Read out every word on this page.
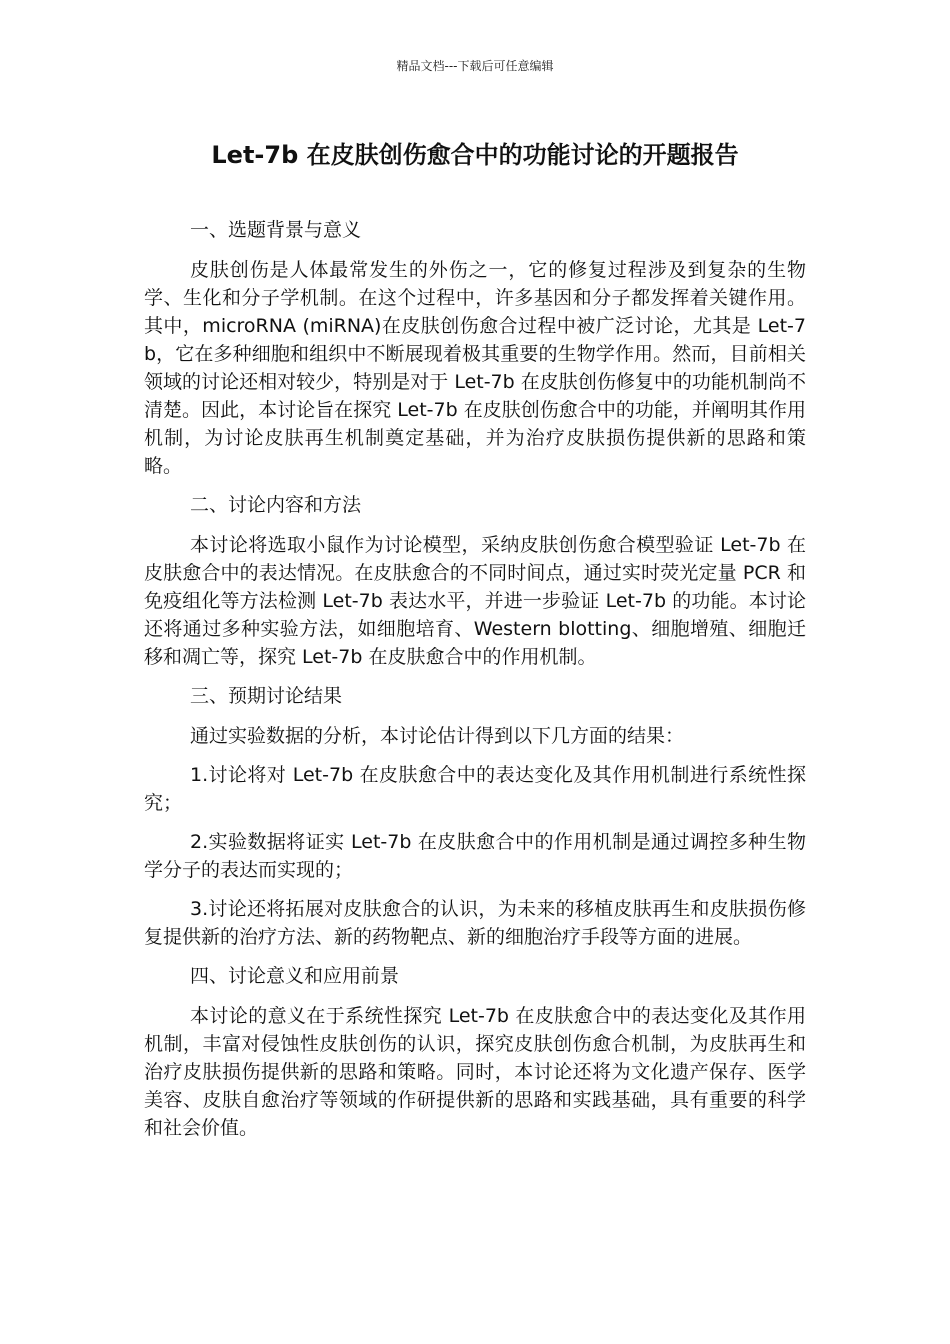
精品文档---下载后可任意编辑
Let-7b 在皮肤创伤愈合中的功能讨论的开题报告
一、选题背景与意义

皮肤创伤是人体最常发生的外伤之一，它的修复过程涉及到复杂的生物学、生化和分子学机制。在这个过程中，许多基因和分子都发挥着关键作用。其中，microRNA (miRNA)在皮肤创伤愈合过程中被广泛讨论，尤其是 Let-7b，它在多种细胞和组织中不断展现着极其重要的生物学作用。然而，目前相关领域的讨论还相对较少，特别是对于 Let-7b 在皮肤创伤修复中的功能机制尚不清楚。因此，本讨论旨在探究 Let-7b 在皮肤创伤愈合中的功能，并阐明其作用机制，为讨论皮肤再生机制奠定基础，并为治疗皮肤损伤提供新的思路和策略。

二、讨论内容和方法

本讨论将选取小鼠作为讨论模型，采纳皮肤创伤愈合模型验证 Let-7b 在皮肤愈合中的表达情况。在皮肤愈合的不同时间点，通过实时荧光定量 PCR 和免疫组化等方法检测 Let-7b 表达水平，并进一步验证 Let-7b 的功能。本讨论还将通过多种实验方法，如细胞培育、Western blotting、细胞增殖、细胞迁移和凋亡等，探究 Let-7b 在皮肤愈合中的作用机制。

三、预期讨论结果

通过实验数据的分析，本讨论估计得到以下几方面的结果：

1.讨论将对 Let-7b 在皮肤愈合中的表达变化及其作用机制进行系统性探究；

2.实验数据将证实 Let-7b 在皮肤愈合中的作用机制是通过调控多种生物学分子的表达而实现的；

3.讨论还将拓展对皮肤愈合的认识，为未来的移植皮肤再生和皮肤损伤修复提供新的治疗方法、新的药物靶点、新的细胞治疗手段等方面的进展。

四、讨论意义和应用前景

本讨论的意义在于系统性探究 Let-7b 在皮肤愈合中的表达变化及其作用机制，丰富对侵蚀性皮肤创伤的认识，探究皮肤创伤愈合机制，为皮肤再生和治疗皮肤损伤提供新的思路和策略。同时，本讨论还将为文化遗产保存、医学美容、皮肤自愈治疗等领域的作研提供新的思路和实践基础，具有重要的科学和社会价值。
